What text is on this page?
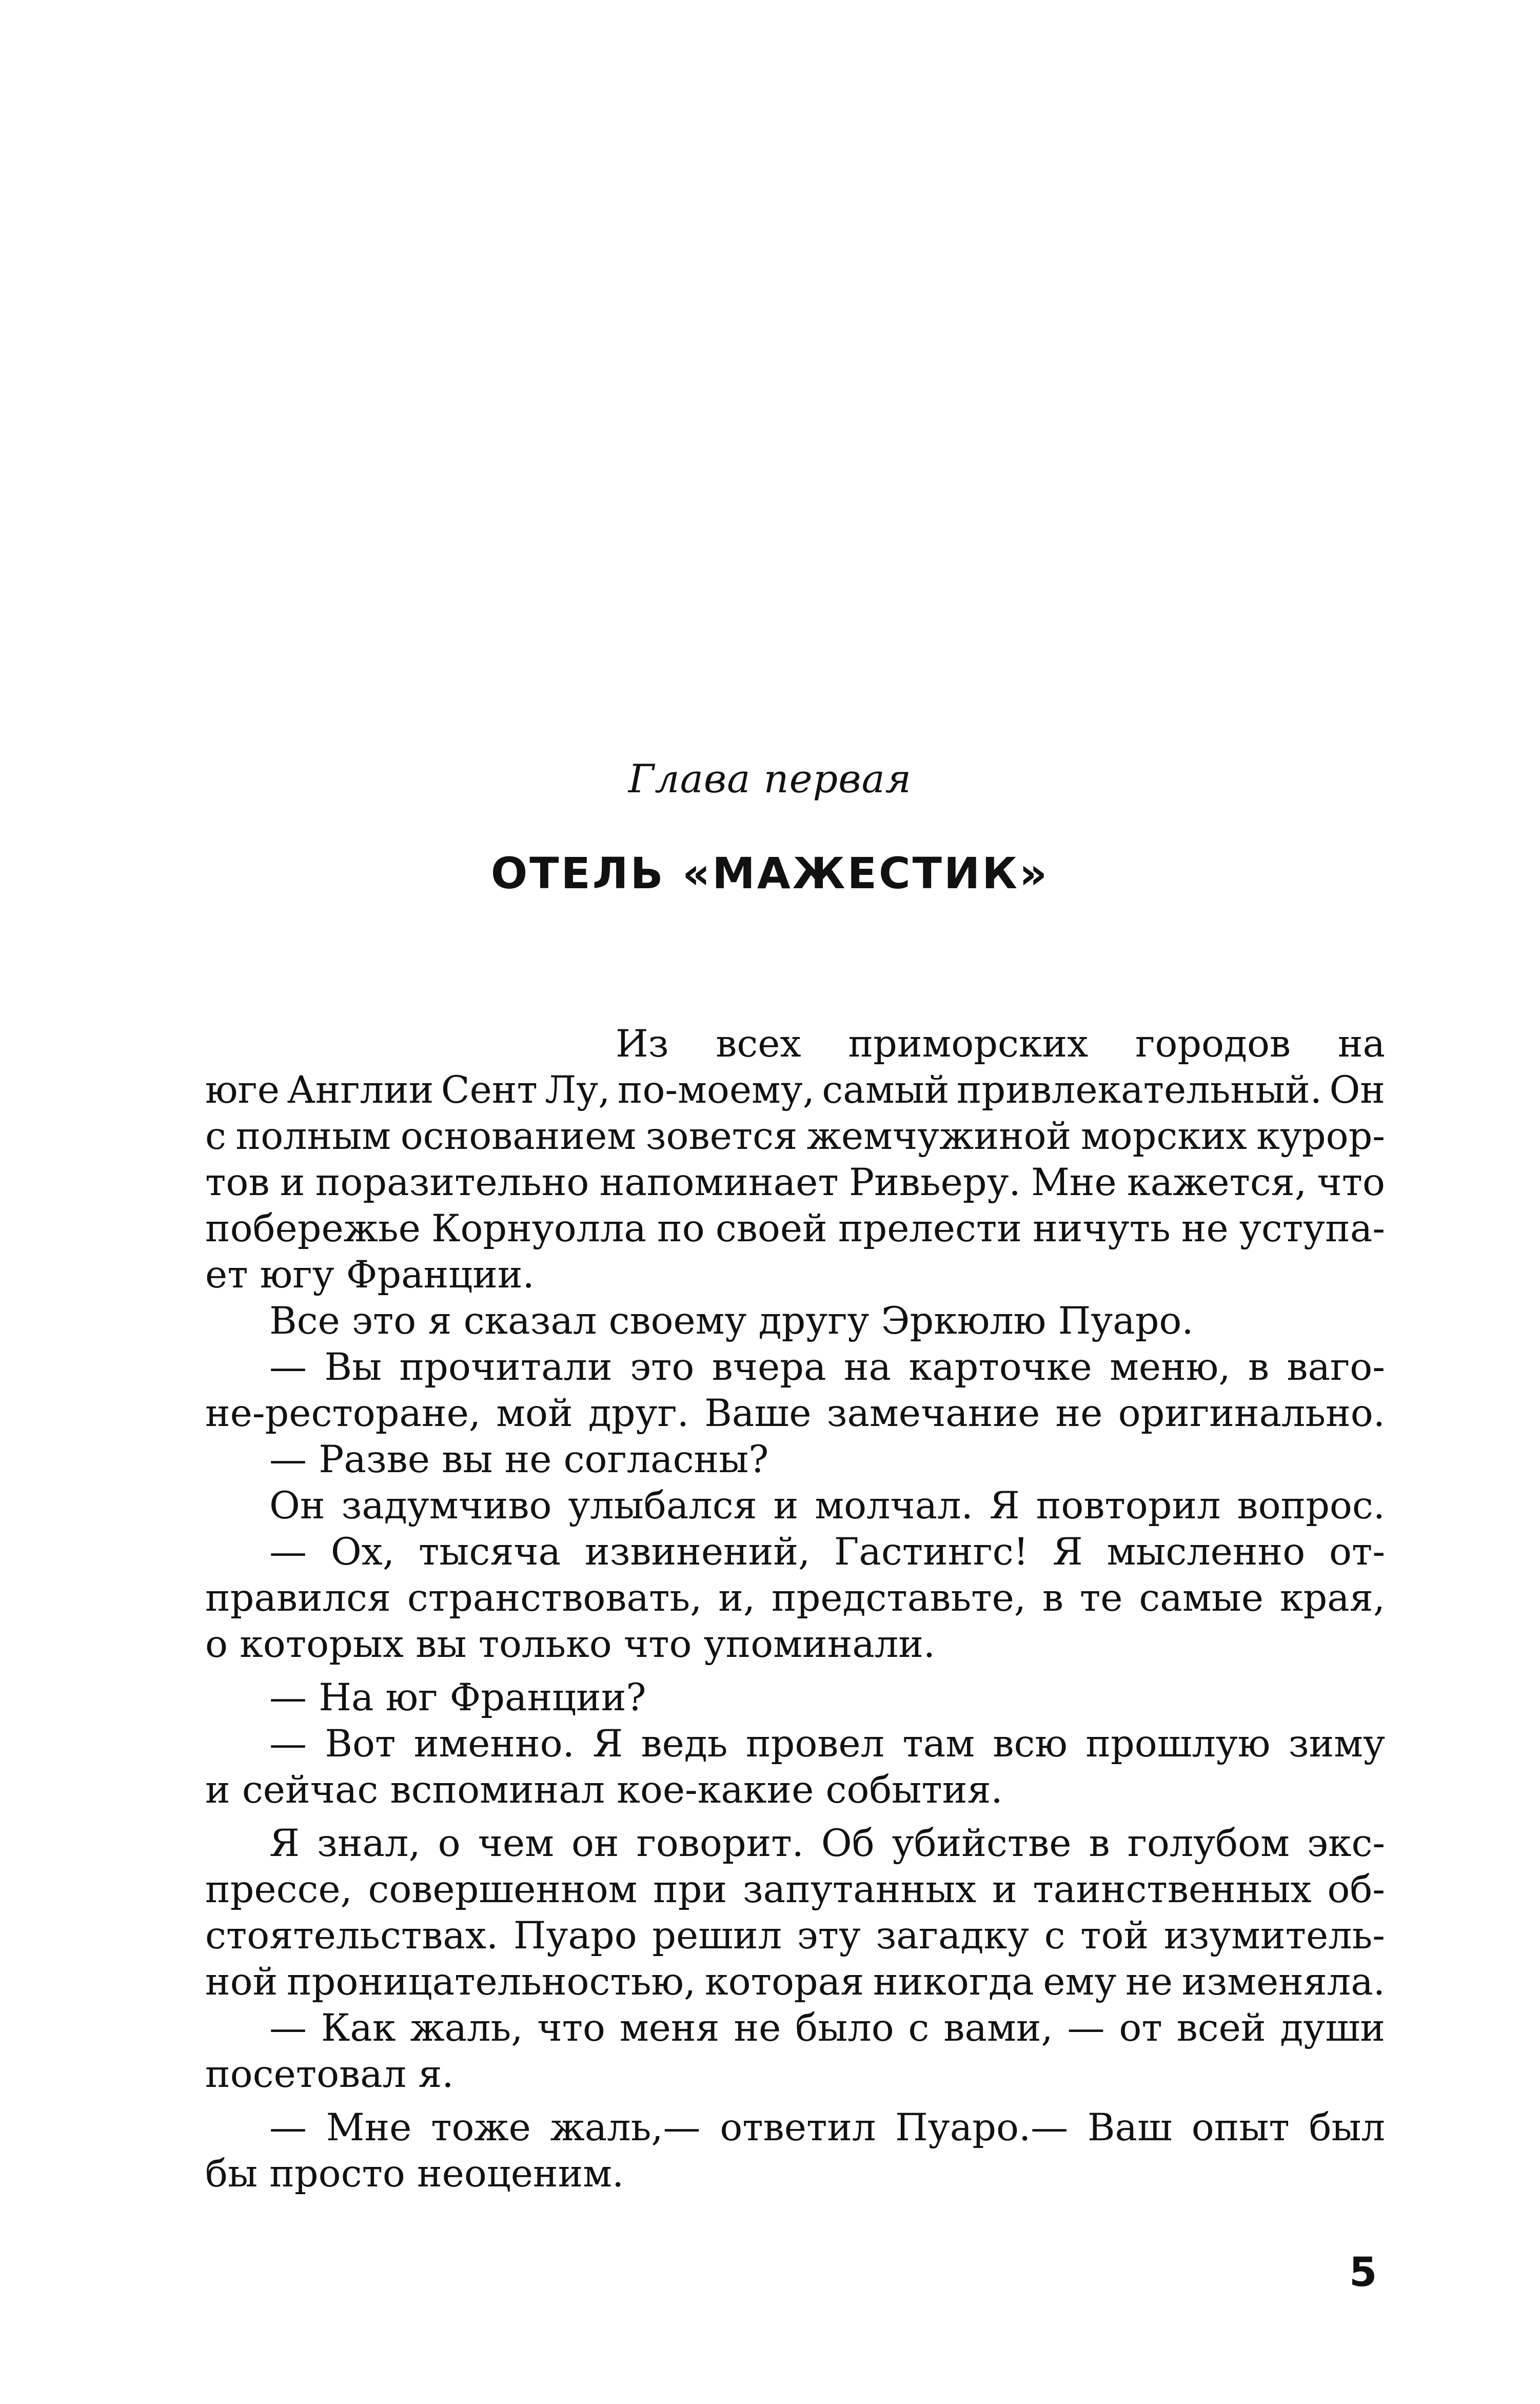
Глава первая
ОТЕЛЬ «МАЖЕСТИК»
Из всех приморских городов на
юге Англии Сент Лу, по-моему, самый привлекательный. Он
с полным основанием зовется жемчужиной морских курор-
тов и поразительно напоминает Ривьеру. Мне кажется, что
побережье Корнуолла по своей прелести ничуть не уступа-
ет югу Франции.
Все это я сказал своему другу Эркюлю Пуаро.
— Вы прочитали это вчера на карточке меню, в ваго-
не-ресторане, мой друг. Ваше замечание не оригинально.
— Разве вы не согласны?
Он задумчиво улыбался и молчал. Я повторил вопрос.
— Ох, тысяча извинений, Гастингс! Я мысленно от-
правился странствовать, и, представьте, в те самые края,
о которых вы только что упоминали.
— На юг Франции?
— Вот именно. Я ведь провел там всю прошлую зиму
и сейчас вспоминал кое-какие события.
Я знал, о чем он говорит. Об убийстве в голубом экс-
прессе, совершенном при запутанных и таинственных об-
стоятельствах. Пуаро решил эту загадку с той изумитель-
ной проницательностью, которая никогда ему не изменяла.
— Как жаль, что меня не было с вами, — от всей души
посетовал я.
— Мне тоже жаль,— ответил Пуаро.— Ваш опыт был
бы просто неоценим.
5
